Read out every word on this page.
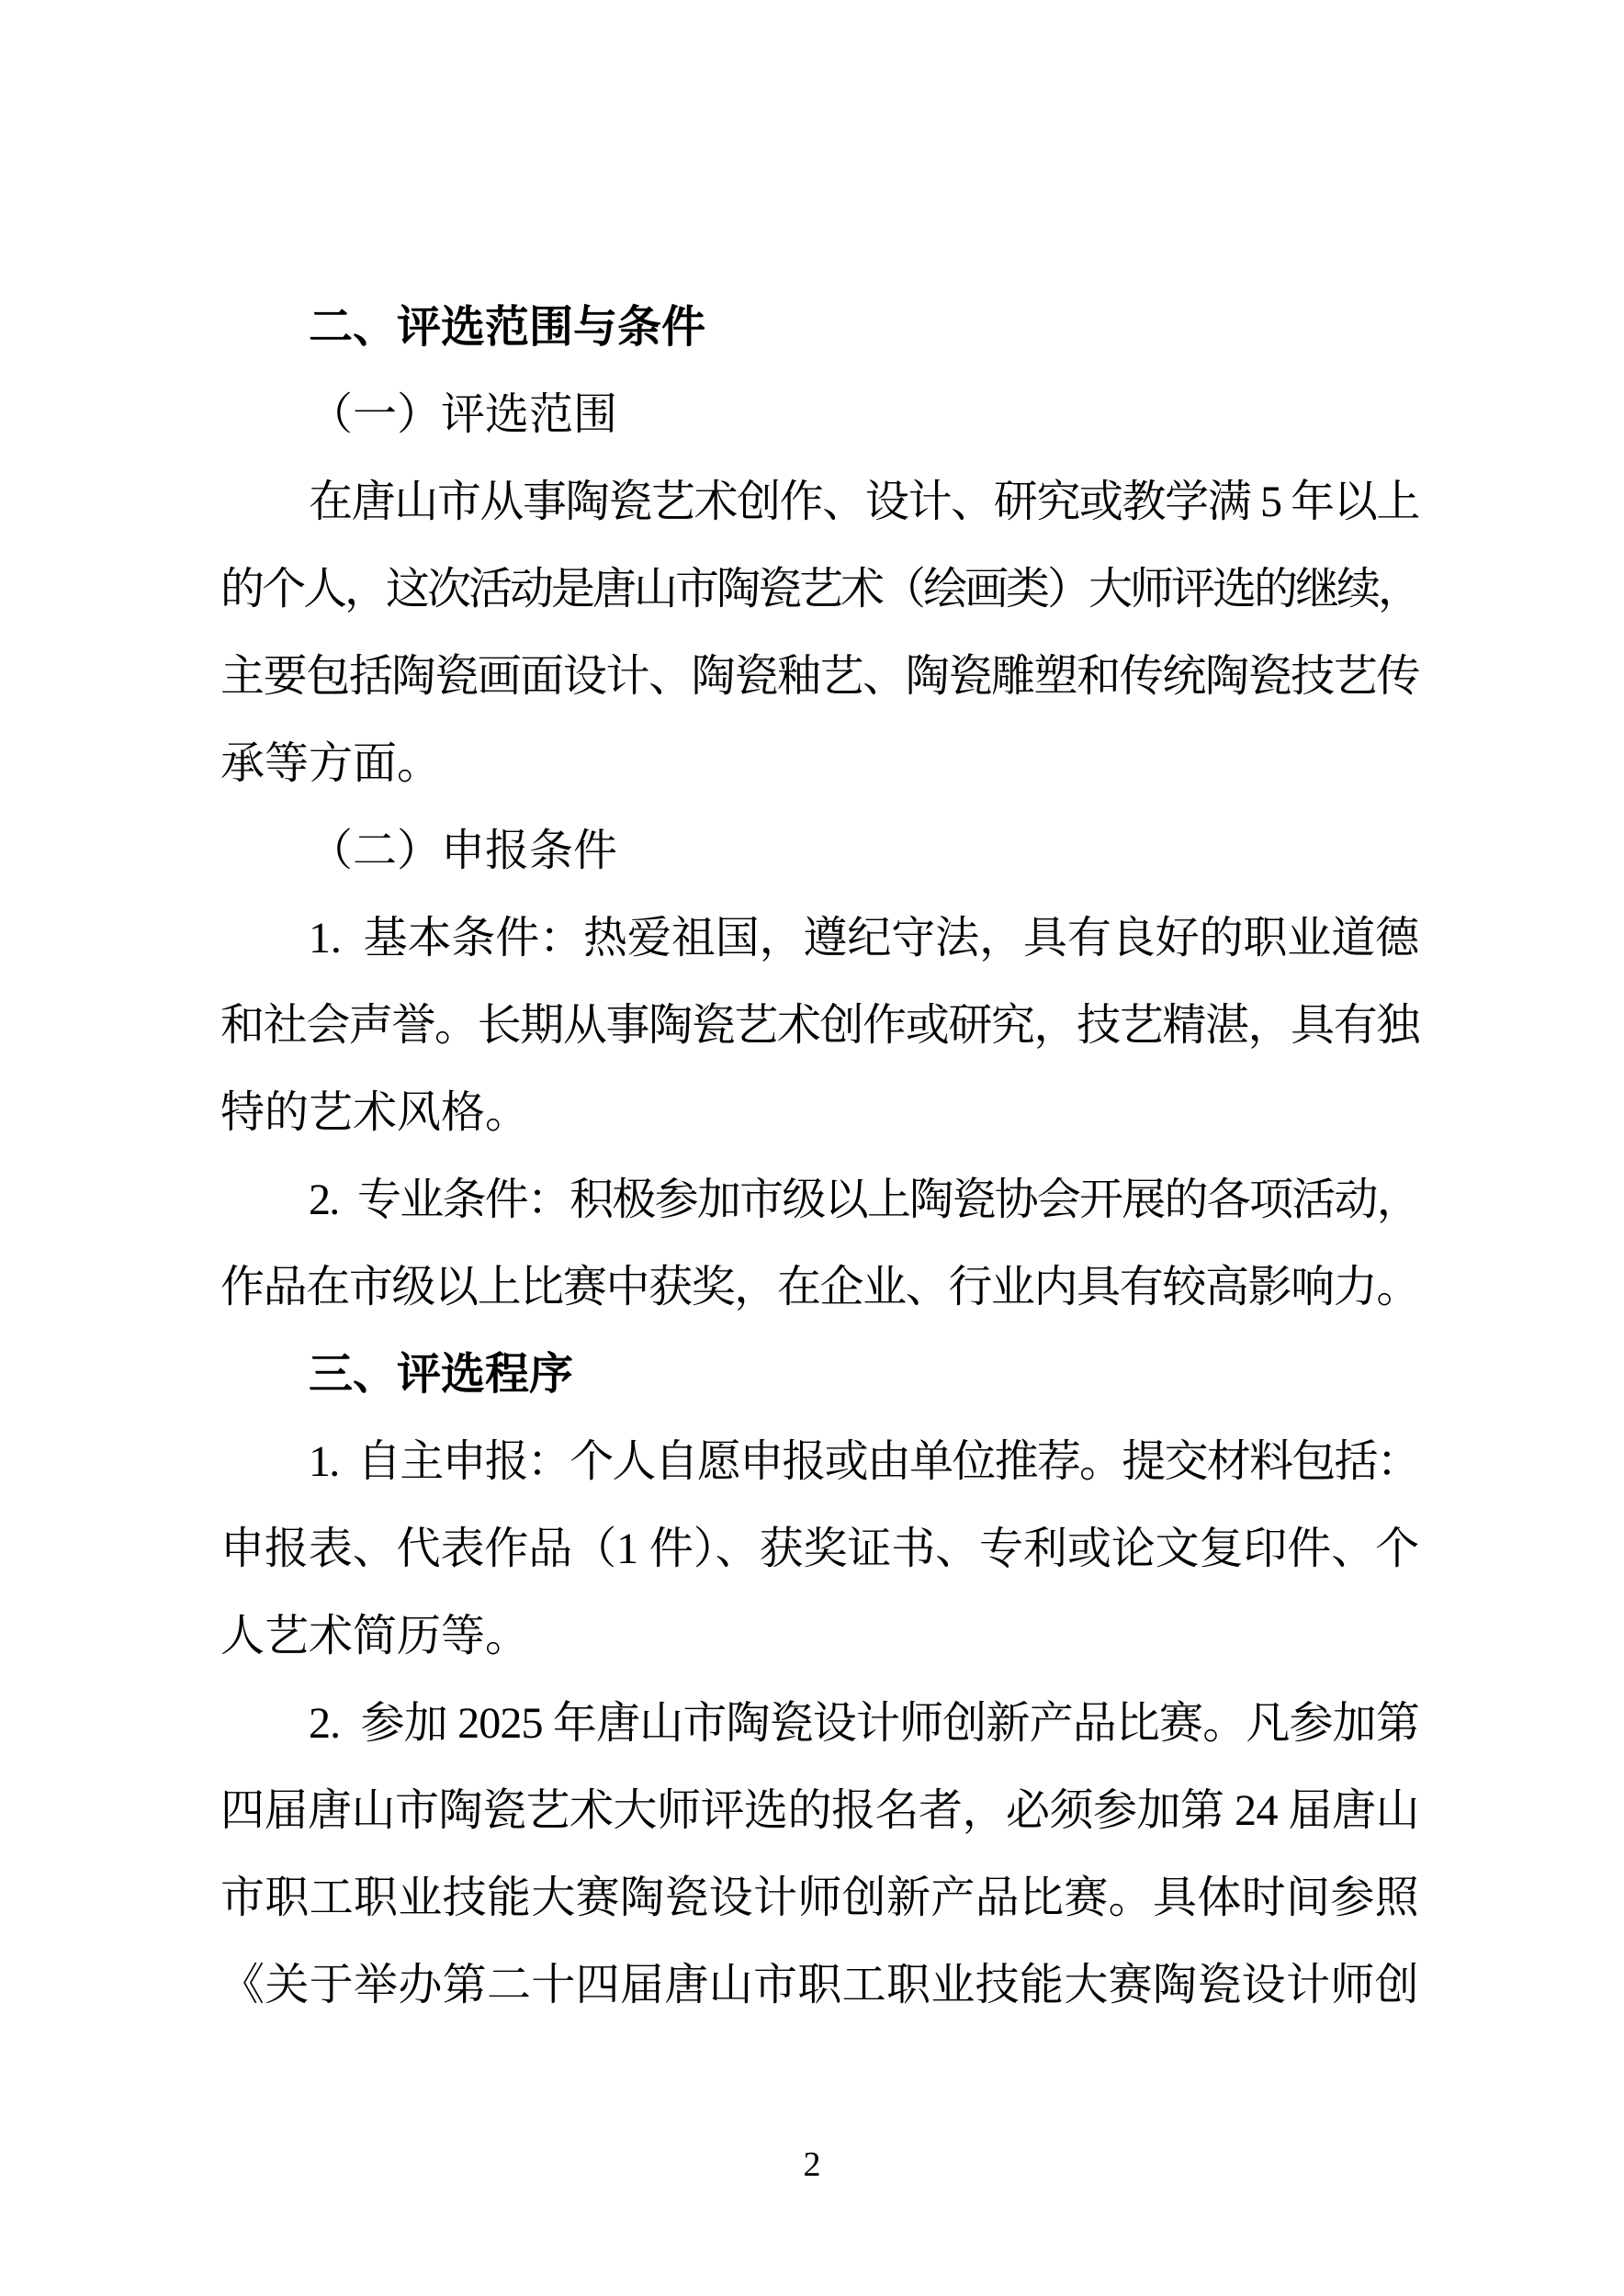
二、评选范围与条件
（一）评选范围
在唐山市从事陶瓷艺术创作、设计、研究或教学满 5 年以上
的个人，这次活动是唐山市陶瓷艺术（绘画类）大师评选的继续，
主要包括陶瓷画面设计、陶瓷釉艺、陶瓷雕塑和传统陶瓷技艺传
承等方面。
（二）申报条件
1.  基本条件：热爱祖国，遵纪守法，具有良好的职业道德
和社会声誉。长期从事陶瓷艺术创作或研究，技艺精湛，具有独
特的艺术风格。
2.  专业条件：积极参加市级以上陶瓷协会开展的各项活动，
作品在市级以上比赛中获奖，在企业、行业内具有较高影响力。
三、评选程序
1.  自主申报：个人自愿申报或由单位推荐。提交材料包括：
申报表、代表作品（1 件）、获奖证书、专利或论文复印件、个
人艺术简历等。
2.  参加 2025 年唐山市陶瓷设计师创新产品比赛。凡参加第
四届唐山市陶瓷艺术大师评选的报名者，必须参加第 24 届唐山
市职工职业技能大赛陶瓷设计师创新产品比赛。具体时间参照
《关于举办第二十四届唐山市职工职业技能大赛陶瓷设计师创
2
